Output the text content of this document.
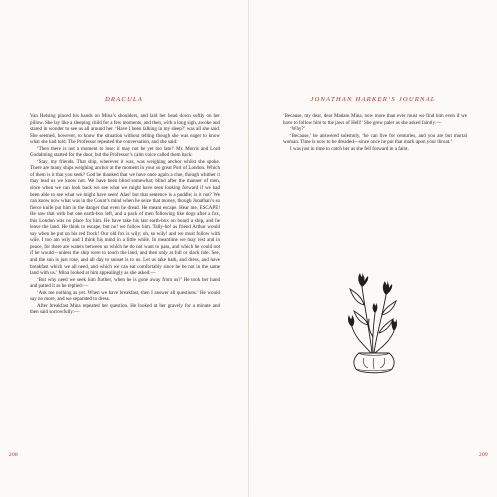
DRACULA

Van Helsing placed his hands on Mina’s shoulders, and laid her head down softly on her pillow. She lay like a sleeping child for a few moments, and then, with a long sigh, awoke and stared in wonder to see us all around her. ‘Have I been talking in my sleep?’ was all she said. She seemed, however, to know the situation without telling though she was eager to know what she had told. The Professor repeated the conversation, and she said:

‘Then there is not a moment to lose: it may not be yet too late!’ Mr. Morris and Lord Godalming started for the door, but the Professor’s calm voice called them back:

‘Stay, my friends. That ship, wherever it was, was weighing anchor whilst she spoke. There are many ships weighing anchor at the moment in your so great Port of London. Which of them is it that you seek? God be thanked that we have once again a clue, though whither it may lead us we know not. We have been blind somewhat; blind after the manner of men, since when we can look back we see what we might have seen looking forward if we had been able to see what we might have seen! Alas! but that sentence is a puddle; is it not? We can know now what was in the Count’s mind when he seize that money, though Jonathan’s so fierce knife put him in the danger that even he dread. He meant escape. Hear me, ESCAPE! He saw that with but one earth-box left, and a pack of men following like dogs after a fox, this London was no place for him. He have take his last earth-box on board a ship, and he leave the land. He think to escape, but no! we follow him. Tally-ho! as friend Arthur would say when he put on his red frock! Our old fox is wily; oh, so wily! and we must follow with wile. I too am wily and I think his mind in a little while. In meantime we may rest and in peace, for there are waters between us which he do not want to pass, and which he could not if he would—unless the ship were to touch the land, and then only at full or slack tide. See, and the sun is just rose, and all day to sunset is to us. Let us take bath, and dress, and have breakfast which we all need, and which we can eat comfortably since he be not in the same land with us.’ Mina looked at him appealingly as she asked:—

‘But why need we seek him further, when he is gone away from us?’ He took her hand and patted it as he replied:—

‘Ask me nothing as yet. When we have breakfast, then I answer all questions.’ He would say no more, and we separated to dress.

After breakfast Mina repeated her question. He looked at her gravely for a minute and then said sorrowfully:—

208
JONATHAN HARKER’S JOURNAL

‘Because, my dear, dear Madam Mina, now more than ever must we find him even if we have to follow him to the jaws of Hell!’ She grew paler as she asked faintly:—

‘Why?’

‘Because,’ he answered solemnly, ‘he can live for centuries, and you are but mortal woman. Time is now to be dreaded—since once he put that mark upon your throat.’

I was just in time to catch her as she fell forward in a faint.

209
